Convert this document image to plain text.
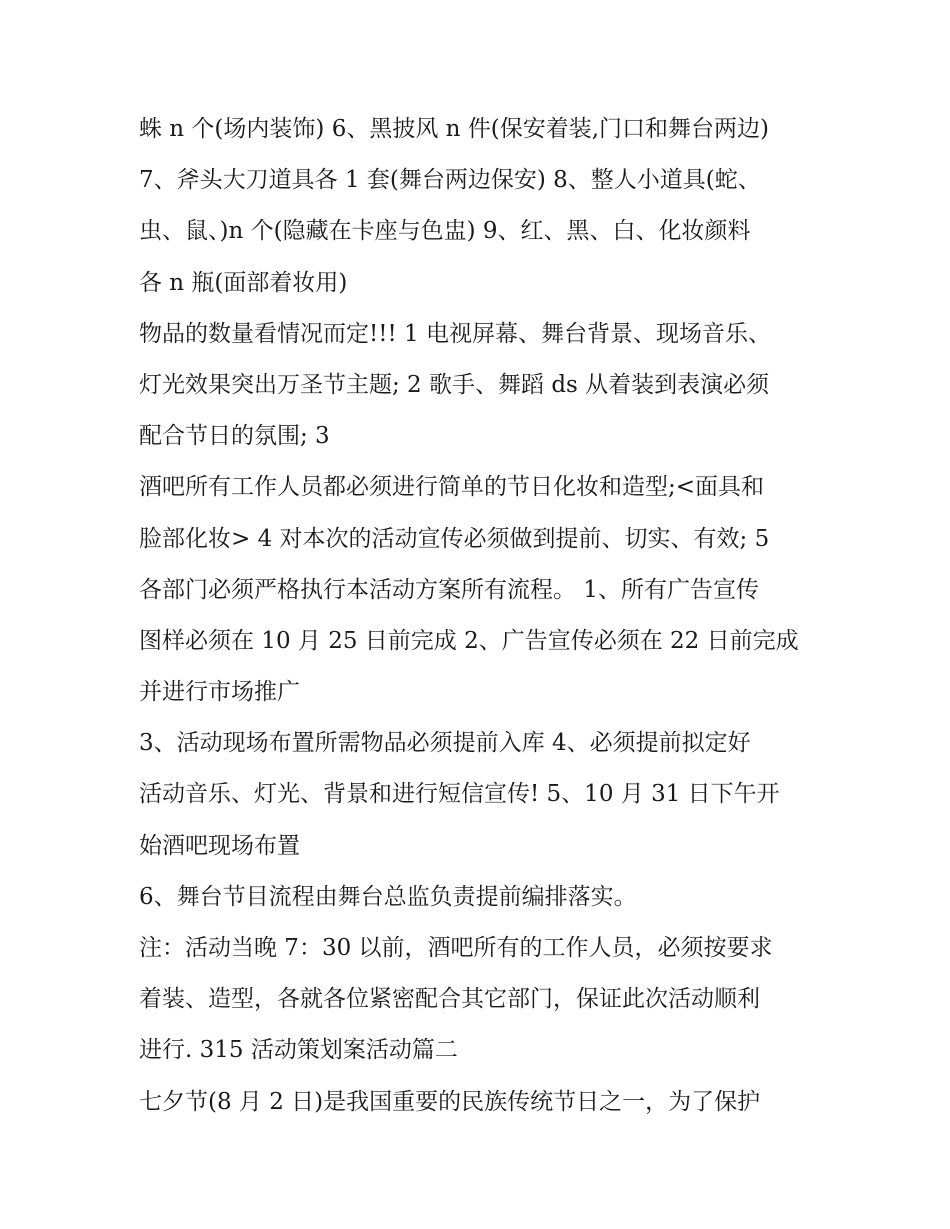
蛛 n 个(场内装饰) 6、黑披风 n 件(保安着装,门口和舞台两边)
7、斧头大刀道具各 1 套(舞台两边保安) 8、整人小道具(蛇、
虫、鼠、)n 个(隐藏在卡座与色盅) 9、红、黑、白、化妆颜料
各 n 瓶(面部着妆用)
物品的数量看情况而定!!! 1 电视屏幕、舞台背景、现场音乐、
灯光效果突出万圣节主题; 2 歌手、舞蹈 ds 从着装到表演必须
配合节日的氛围; 3
酒吧所有工作人员都必须进行简单的节日化妆和造型;<面具和
脸部化妆> 4 对本次的活动宣传必须做到提前、切实、有效; 5
各部门必须严格执行本活动方案所有流程。 1、所有广告宣传
图样必须在 10 月 25 日前完成 2、广告宣传必须在 22 日前完成
并进行市场推广
3、活动现场布置所需物品必须提前入库 4、必须提前拟定好
活动音乐、灯光、背景和进行短信宣传! 5、10 月 31 日下午开
始酒吧现场布置
6、舞台节目流程由舞台总监负责提前编排落实。
注：活动当晚 7：30 以前，酒吧所有的工作人员，必须按要求
着装、造型，各就各位紧密配合其它部门，保证此次活动顺利
进行. 315 活动策划案活动篇二
七夕节(8 月 2 日)是我国重要的民族传统节日之一，为了保护
